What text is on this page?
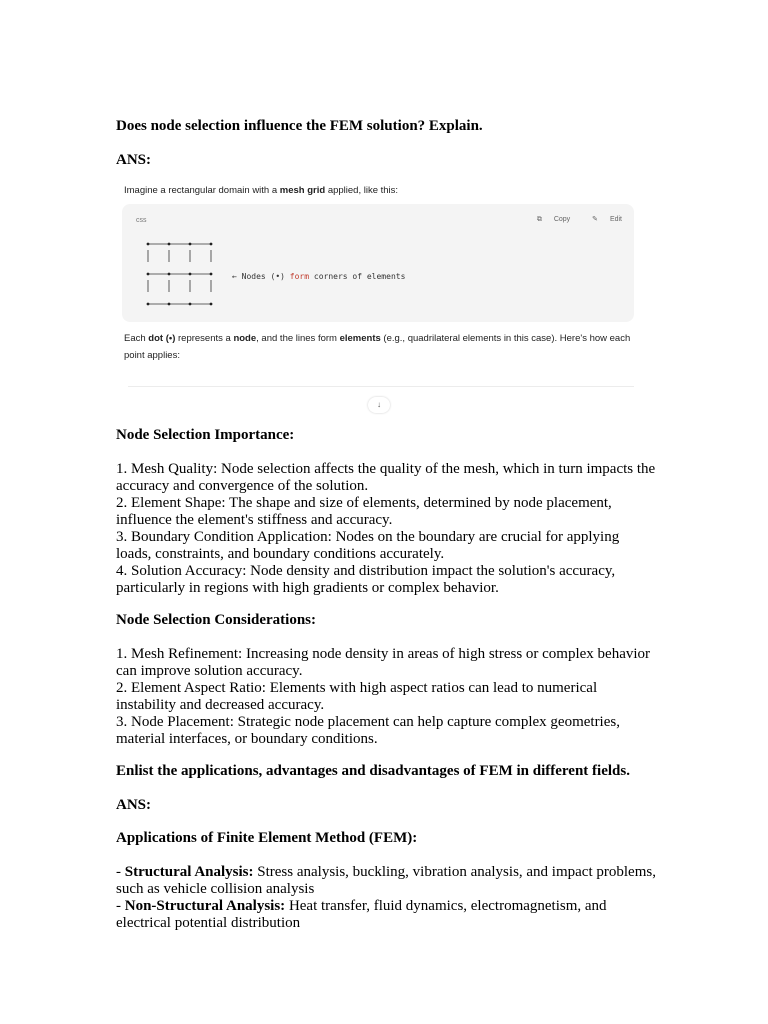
Does node selection influence the FEM solution? Explain.
ANS:
Node Selection Importance:

1. Mesh Quality: Node selection affects the quality of the mesh, which in turn impacts the accuracy and convergence of the solution.

2. Element Shape: The shape and size of elements, determined by node placement, influence the element's stiffness and accuracy.

3. Boundary Condition Application: Nodes on the boundary are crucial for applying loads, constraints, and boundary conditions accurately.

4. Solution Accuracy: Node density and distribution impact the solution's accuracy, particularly in regions with high gradients or complex behavior.

Node Selection Considerations:

1. Mesh Refinement: Increasing node density in areas of high stress or complex behavior can improve solution accuracy.

2. Element Aspect Ratio: Elements with high aspect ratios can lead to numerical instability and decreased accuracy.

3. Node Placement: Strategic node placement can help capture complex geometries, material interfaces, or boundary conditions.

Enlist the applications, advantages and disadvantages of FEM in different fields.
ANS:
Applications of Finite Element Method (FEM):

- Structural Analysis: Stress analysis, buckling, vibration analysis, and impact problems, such as vehicle collision analysis

- Non-Structural Analysis: Heat transfer, fluid dynamics, electromagnetism, and electrical potential distribution

Imagine a rectangular domain with a mesh grid applied, like this:
css	⧉ Copy	✎ Edit
← Nodes (•) form corners of elements
Each dot (•) represents a node, and the lines form elements (e.g., quadrilateral elements in this case). Here's how each point applies:
↓
